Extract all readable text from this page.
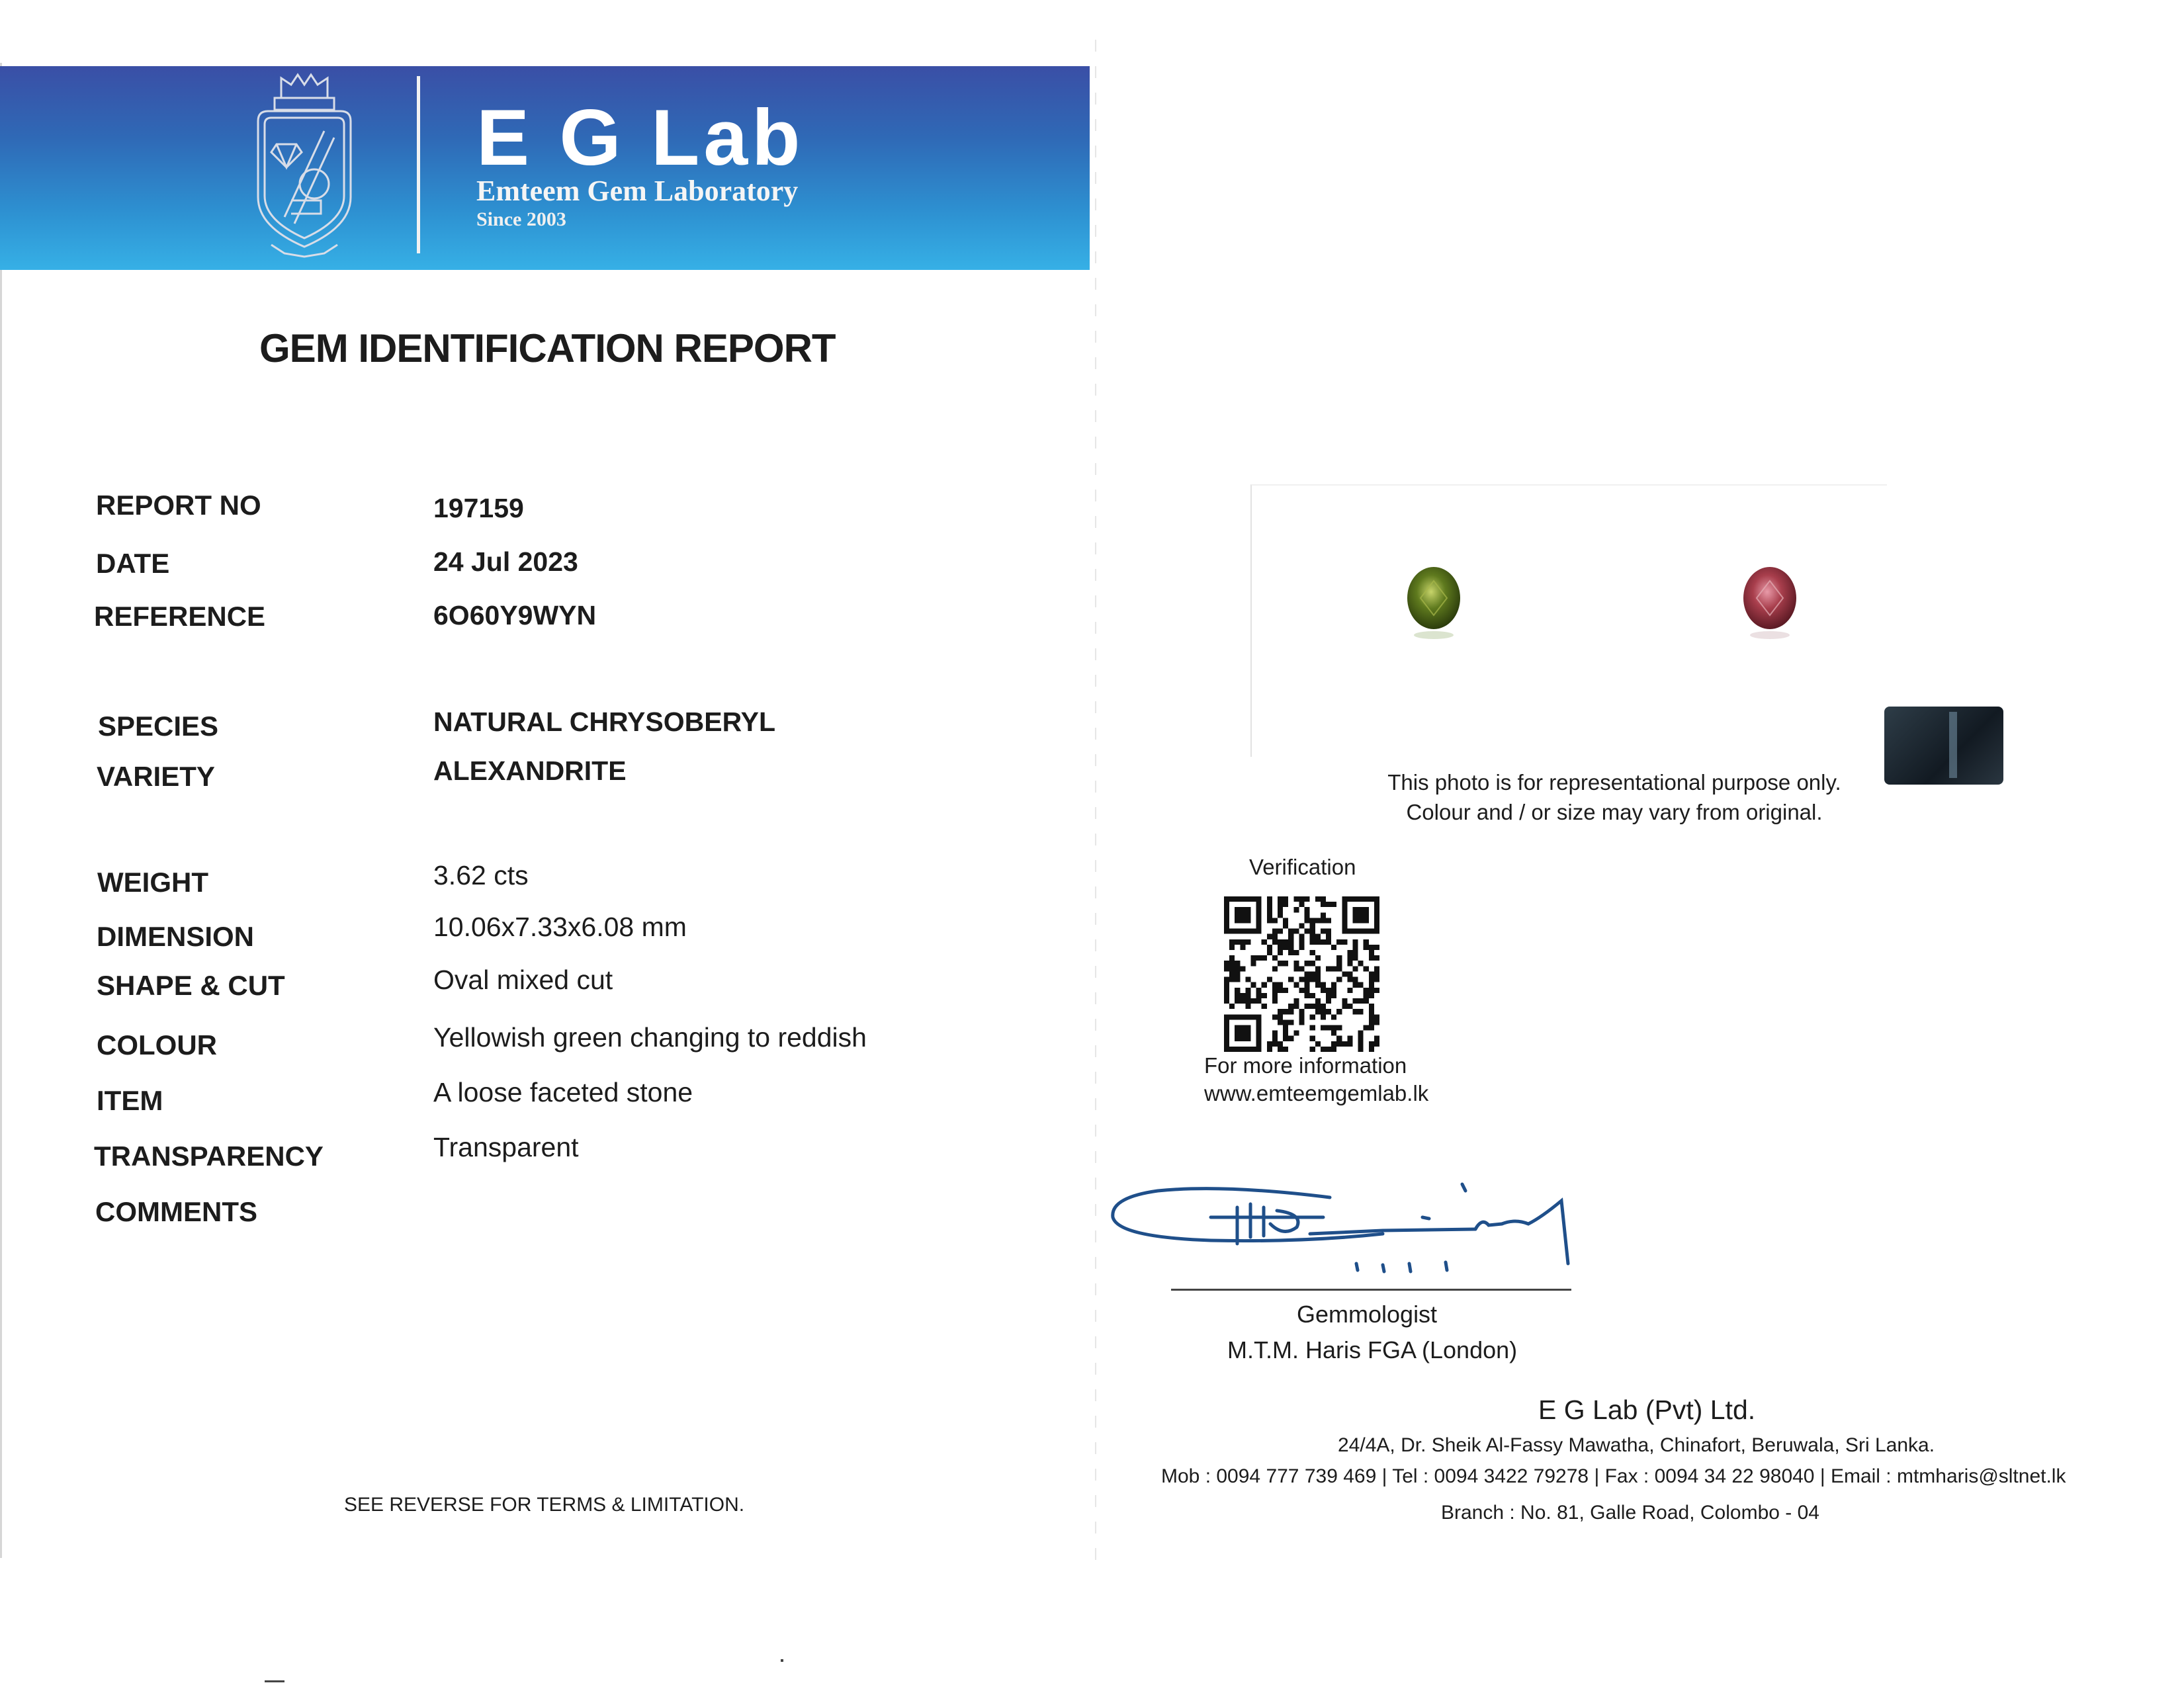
E G Lab
Emteem Gem Laboratory
Since 2003
GEM IDENTIFICATION REPORT
REPORT NO	197159
DATE	24 Jul 2023
REFERENCE	6O60Y9WYN
SPECIES	NATURAL CHRYSOBERYL
VARIETY	ALEXANDRITE
WEIGHT	3.62 cts
DIMENSION	10.06x7.33x6.08 mm
SHAPE & CUT	Oval mixed cut
COLOUR	Yellowish green changing to reddish
ITEM	A loose faceted stone
TRANSPARENCY	Transparent
COMMENTS
SEE REVERSE FOR TERMS & LIMITATION.
This photo is for representational purpose only.
Colour and / or size may vary from original.
Verification
For more information
www.emteemgemlab.lk
Gemmologist
M.T.M. Haris FGA (London)
E G Lab (Pvt) Ltd.
24/4A, Dr. Sheik Al-Fassy Mawatha, Chinafort, Beruwala, Sri Lanka.
Mob : 0094 777 739 469 | Tel : 0094 3422 79278 | Fax : 0094 34 22 98040 | Email : mtmharis@sltnet.lk
Branch : No. 81, Galle Road, Colombo - 04
